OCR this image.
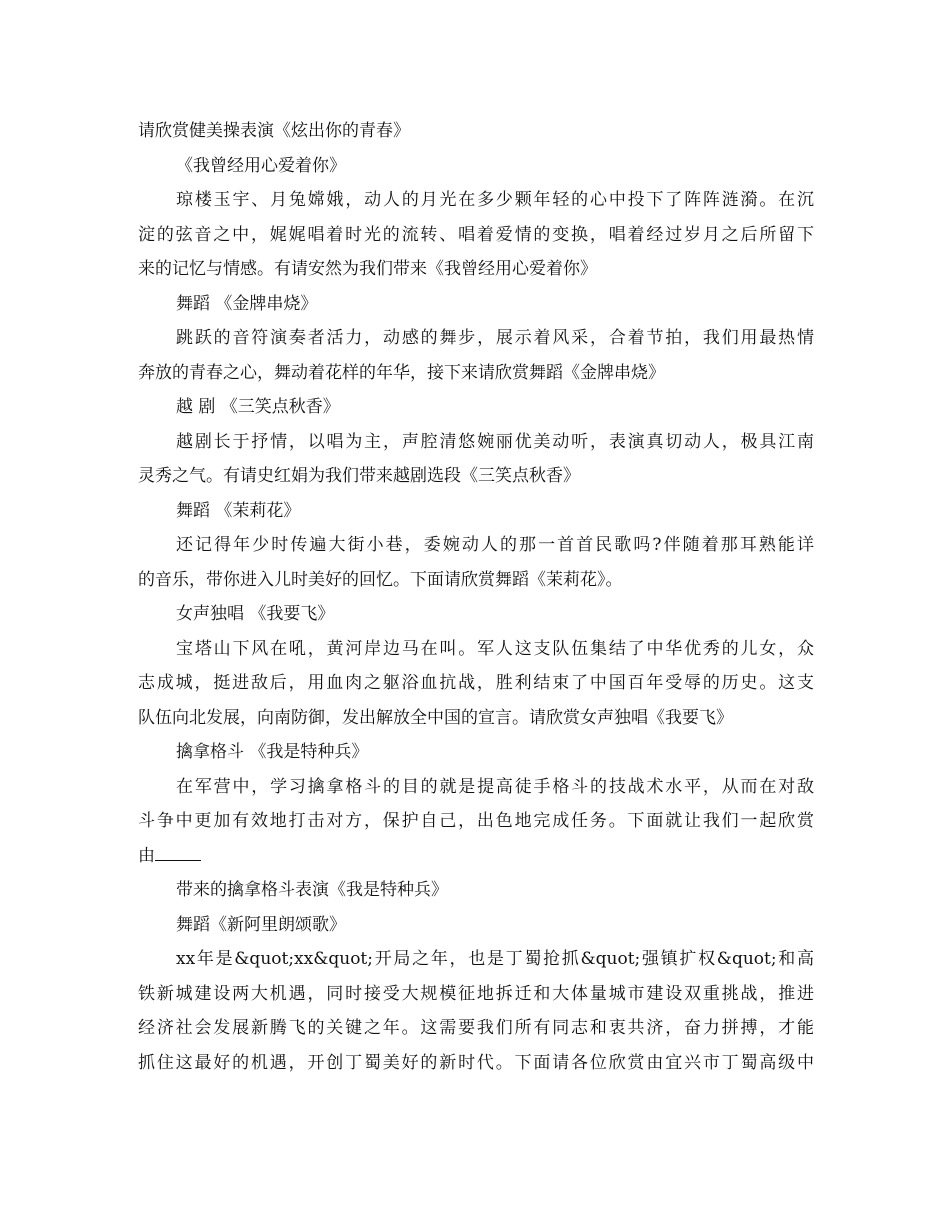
请欣赏健美操表演《炫出你的青春》
《我曾经用心爱着你》
琼楼玉宇、月兔嫦娥，动人的月光在多少颗年轻的心中投下了阵阵涟漪。在沉
淀的弦音之中，娓娓唱着时光的流转、唱着爱情的变换，唱着经过岁月之后所留下
来的记忆与情感。有请安然为我们带来《我曾经用心爱着你》
舞蹈 《金牌串烧》
跳跃的音符演奏者活力，动感的舞步，展示着风采，合着节拍，我们用最热情
奔放的青春之心，舞动着花样的年华，接下来请欣赏舞蹈《金牌串烧》
越 剧 《三笑点秋香》
越剧长于抒情，以唱为主，声腔清悠婉丽优美动听，表演真切动人，极具江南
灵秀之气。有请史红娟为我们带来越剧选段《三笑点秋香》
舞蹈 《茉莉花》
还记得年少时传遍大街小巷，委婉动人的那一首首民歌吗?伴随着那耳熟能详
的音乐，带你进入儿时美好的回忆。下面请欣赏舞蹈《茉莉花》。
女声独唱 《我要飞》
宝塔山下风在吼，黄河岸边马在叫。军人这支队伍集结了中华优秀的儿女，众
志成城，挺进敌后，用血肉之躯浴血抗战，胜利结束了中国百年受辱的历史。这支
队伍向北发展，向南防御，发出解放全中国的宣言。请欣赏女声独唱《我要飞》
擒拿格斗 《我是特种兵》
在军营中，学习擒拿格斗的目的就是提高徒手格斗的技战术水平，从而在对敌
斗争中更加有效地打击对方，保护自己，出色地完成任务。下面就让我们一起欣赏
由
带来的擒拿格斗表演《我是特种兵》
舞蹈《新阿里朗颂歌》
xx年是&quot;xx&quot;开局之年，也是丁蜀抢抓&quot;强镇扩权&quot;和高
铁新城建设两大机遇，同时接受大规模征地拆迁和大体量城市建设双重挑战，推进
经济社会发展新腾飞的关键之年。这需要我们所有同志和衷共济，奋力拼搏，才能
抓住这最好的机遇，开创丁蜀美好的新时代。下面请各位欣赏由宜兴市丁蜀高级中
